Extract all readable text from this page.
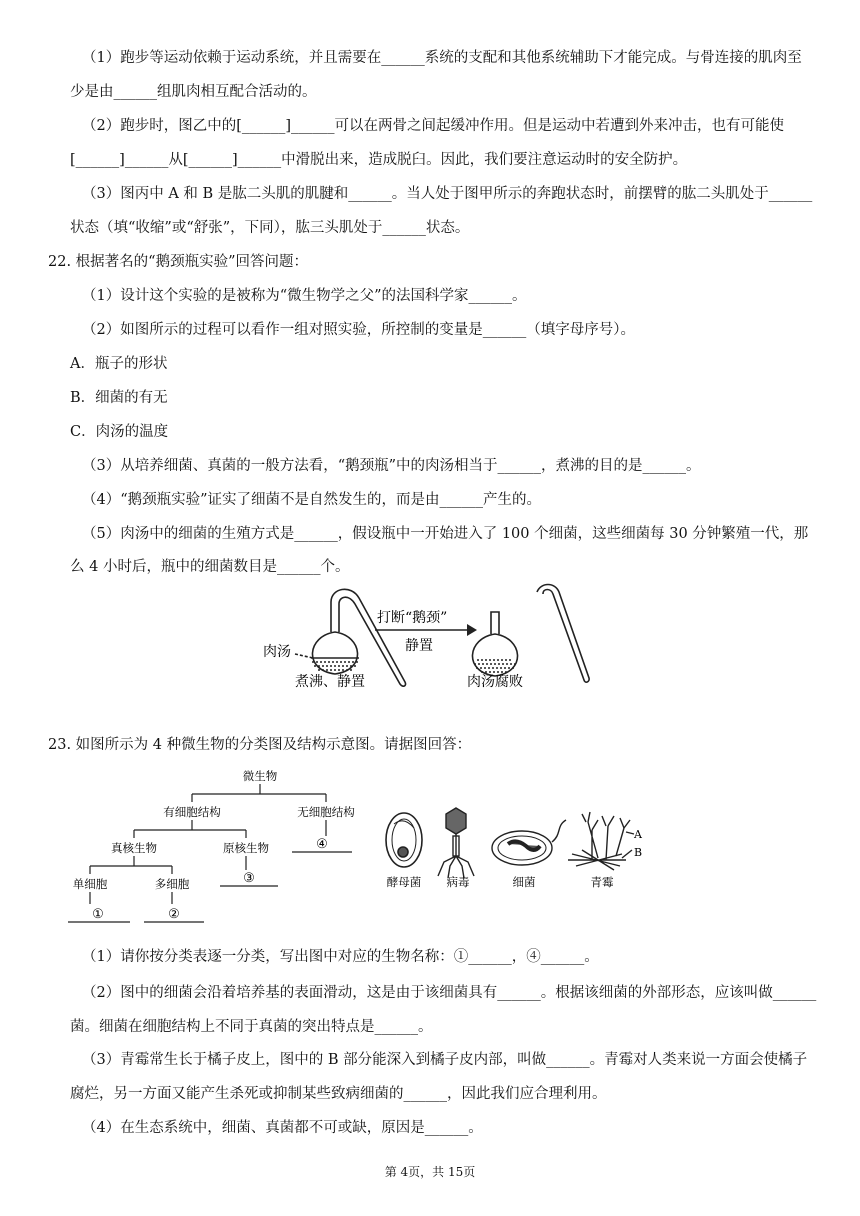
（1）跑步等运动依赖于运动系统，并且需要在______系统的支配和其他系统辅助下才能完成。与骨连接的肌肉至
少是由______组肌肉相互配合活动的。
（2）跑步时，图乙中的[______]______可以在两骨之间起缓冲作用。但是运动中若遭到外来冲击，也有可能使
[______]______从[______]______中滑脱出来，造成脱臼。因此，我们要注意运动时的安全防护。
（3）图丙中 A 和 B 是肱二头肌的肌腱和______。当人处于图甲所示的奔跑状态时，前摆臂的肱二头肌处于______
状态（填“收缩”或“舒张”，下同），肱三头肌处于______状态。
22. 根据著名的“鹅颈瓶实验”回答问题：
（1）设计这个实验的是被称为“微生物学之父”的法国科学家______。
（2）如图所示的过程可以看作一组对照实验，所控制的变量是______（填字母序号）。
A．瓶子的形状
B．细菌的有无
C．肉汤的温度
（3）从培养细菌、真菌的一般方法看，“鹅颈瓶”中的肉汤相当于______，煮沸的目的是______。
（4）“鹅颈瓶实验”证实了细菌不是自然发生的，而是由______产生的。
（5）肉汤中的细菌的生殖方式是______，假设瓶中一开始进入了 100 个细菌，这些细菌每 30 分钟繁殖一代，那
么 4 小时后，瓶中的细菌数目是______个。
肉汤
煮沸、静置
打断“鹅颈”
静置
肉汤腐败
23. 如图所示为 4 种微生物的分类图及结构示意图。请据图回答：
微生物
有细胞结构	无细胞结构
真核生物	原核生物
单细胞	多细胞
①	②
③
④
A
B
酵母菌 病毒	细菌	青霉
（1）请你按分类表逐一分类，写出图中对应的生物名称：①______，④______。
（2）图中的细菌会沿着培养基的表面滑动，这是由于该细菌具有______。根据该细菌的外部形态，应该叫做______
菌。细菌在细胞结构上不同于真菌的突出特点是______。
（3）青霉常生长于橘子皮上，图中的 B 部分能深入到橘子皮内部，叫做______。青霉对人类来说一方面会使橘子
腐烂，另一方面又能产生杀死或抑制某些致病细菌的______，因此我们应合理利用。
（4）在生态系统中，细菌、真菌都不可或缺，原因是______。
第 4页，共 15页
